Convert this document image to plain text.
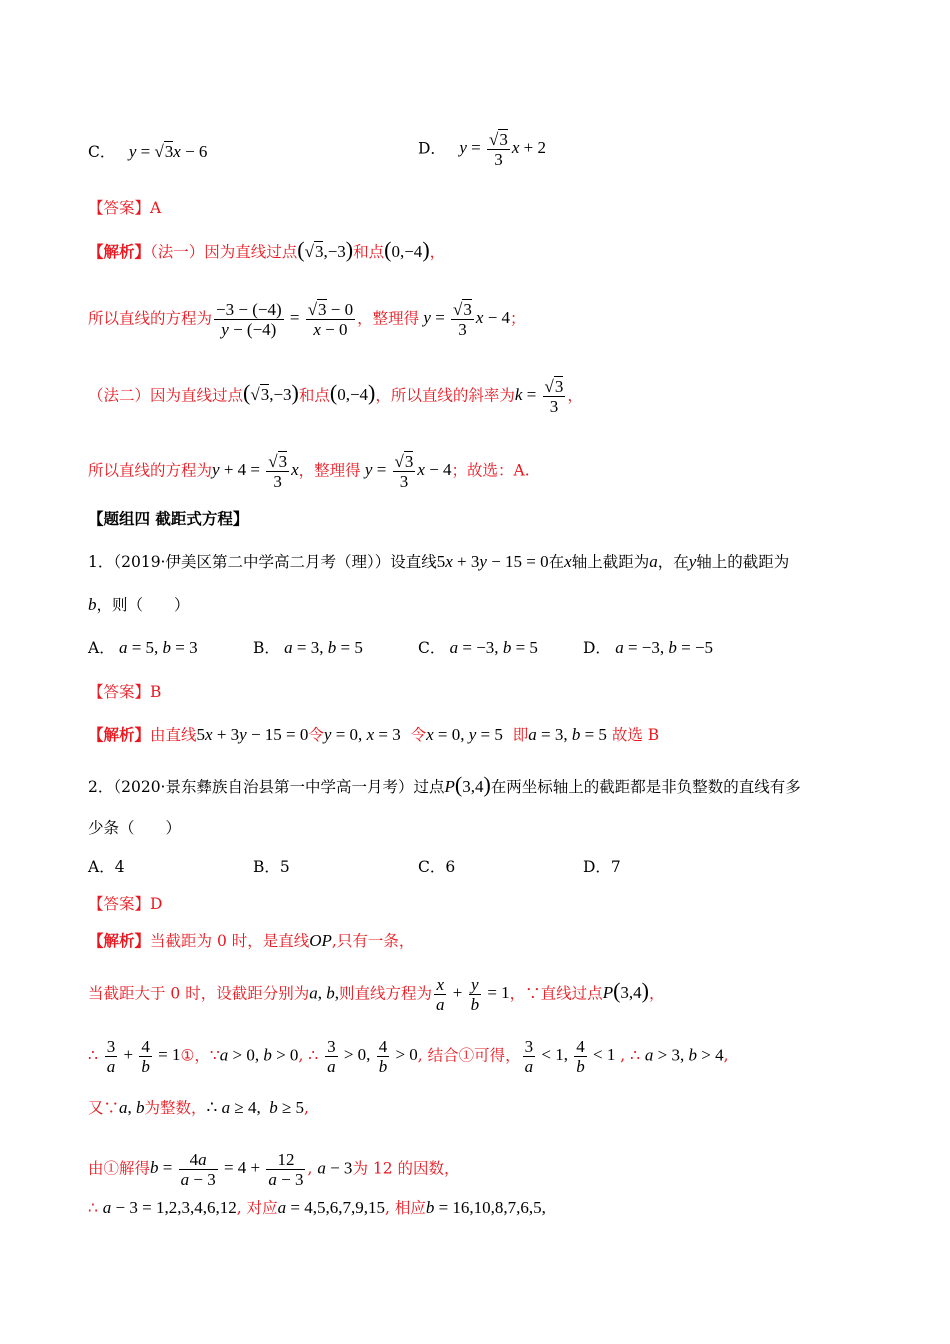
C． y = √3x − 6	D． $y = \frac{√3}{3}$ x + 2
【答案】A
【解析】（法一）因为直线过点(√3,−3)和点(0,−4)，
所以直线的方程为 $\frac{-3 - (-4)}{y - (-4)} = \frac{√3 - 0}{x - 0}$ ，整理得 $y = \frac{√3}{3}$ x − 4；
（法二）因为直线过点(√3,−3)和点(0,−4)，所以直线的斜率为$k = \frac{√3}{3}$ ，
所以直线的方程为$y + 4 = \frac{√3}{3}$ x，整理得 $y = \frac{√3}{3}$ x − 4；故选：A.
【题组四 截距式方程】
1．（2019·伊美区第二中学高二月考（理））设直线5x + 3y − 15 = 0在x轴上截距为a，在y轴上的截距为
b，则（　　）
A． a = 5, b = 3	B． a = 3, b = 5	C． a = −3, b = 5	D． a = −3, b = −5
【答案】B
【解析】由直线5x + 3y − 15 = 0令y = 0, x = 3 令x = 0, y = 5 即a = 3, b = 5 故选 B
2．（2020·景东彝族自治县第一中学高一月考）过点P(3,4)在两坐标轴上的截距都是非负整数的直线有多
少条（　　）
A．4	B．5	C．6	D．7
【答案】D
【解析】当截距为 0 时，是直线OP,只有一条，
当截距大于 0 时，设截距分别为a, b,则直线方程为 $\frac{x}{a} + \frac{y}{b} = 1$，∵直线过点P(3,4)，
∴ $\frac{3}{a} + \frac{4}{b}$ = 1①，∵a > 0, b > 0, ∴ $\frac{3}{a} > 0$, $\frac{4}{b} > 0$, 结合①可得， $\frac{3}{a} < 1$, $\frac{4}{b} < 1$ , ∴ a > 3, b > 4,
又∵a, b为整数，∴ a ≥ 4,  b ≥ 5,
由①解得$b = \frac{4a}{a - 3} = 4 + \frac{12}{a - 3}$ , a − 3为 12 的因数，
∴ a − 3 = 1,2,3,4,6,12, 对应a = 4,5,6,7,9,15, 相应b = 16,10,8,7,6,5,
